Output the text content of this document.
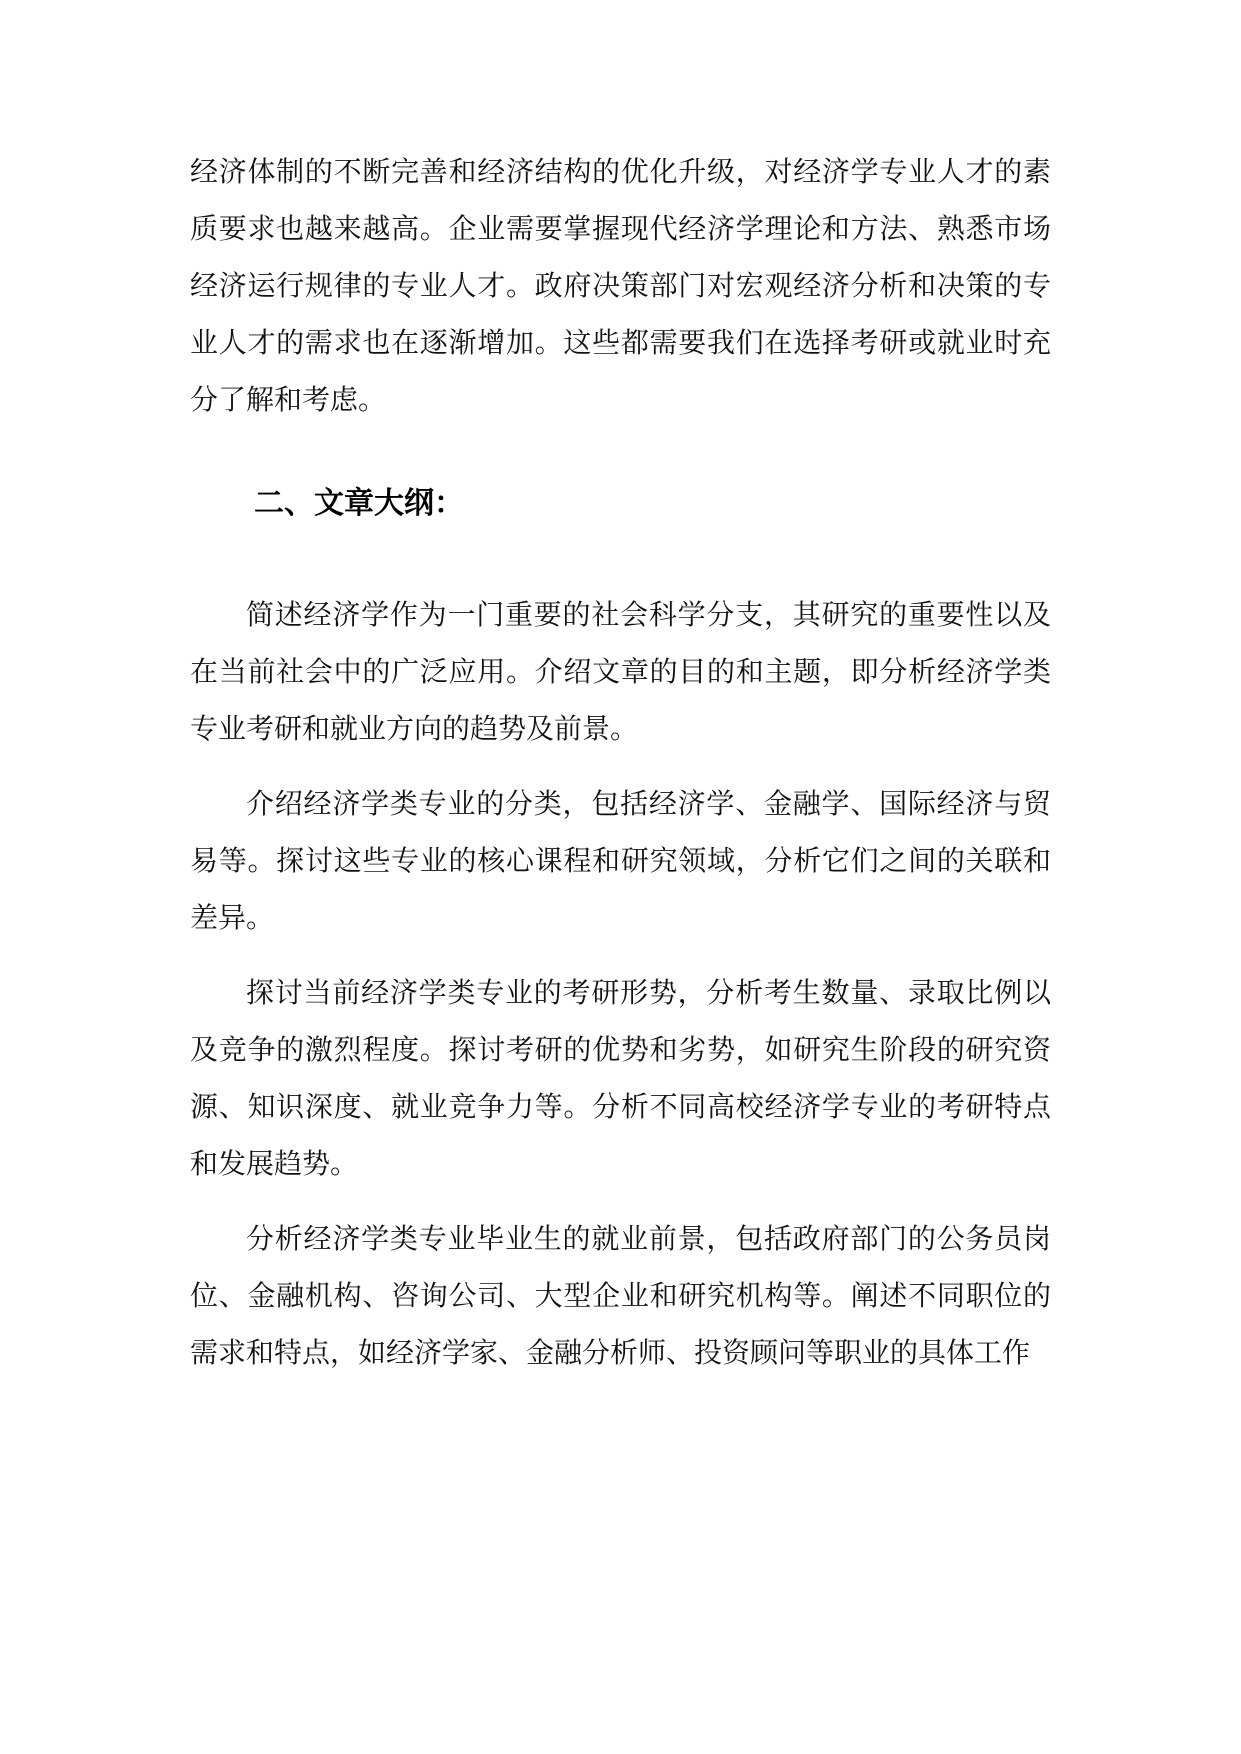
经济体制的不断完善和经济结构的优化升级，对经济学专业人才的素质要求也越来越高。企业需要掌握现代经济学理论和方法、熟悉市场经济运行规律的专业人才。政府决策部门对宏观经济分析和决策的专业人才的需求也在逐渐增加。这些都需要我们在选择考研或就业时充分了解和考虑。

二、文章大纲：

简述经济学作为一门重要的社会科学分支，其研究的重要性以及在当前社会中的广泛应用。介绍文章的目的和主题，即分析经济学类专业考研和就业方向的趋势及前景。

介绍经济学类专业的分类，包括经济学、金融学、国际经济与贸易等。探讨这些专业的核心课程和研究领域，分析它们之间的关联和差异。

探讨当前经济学类专业的考研形势，分析考生数量、录取比例以及竞争的激烈程度。探讨考研的优势和劣势，如研究生阶段的研究资源、知识深度、就业竞争力等。分析不同高校经济学专业的考研特点和发展趋势。

分析经济学类专业毕业生的就业前景，包括政府部门的公务员岗位、金融机构、咨询公司、大型企业和研究机构等。阐述不同职位的需求和特点，如经济学家、金融分析师、投资顾问等职业的具体工作
